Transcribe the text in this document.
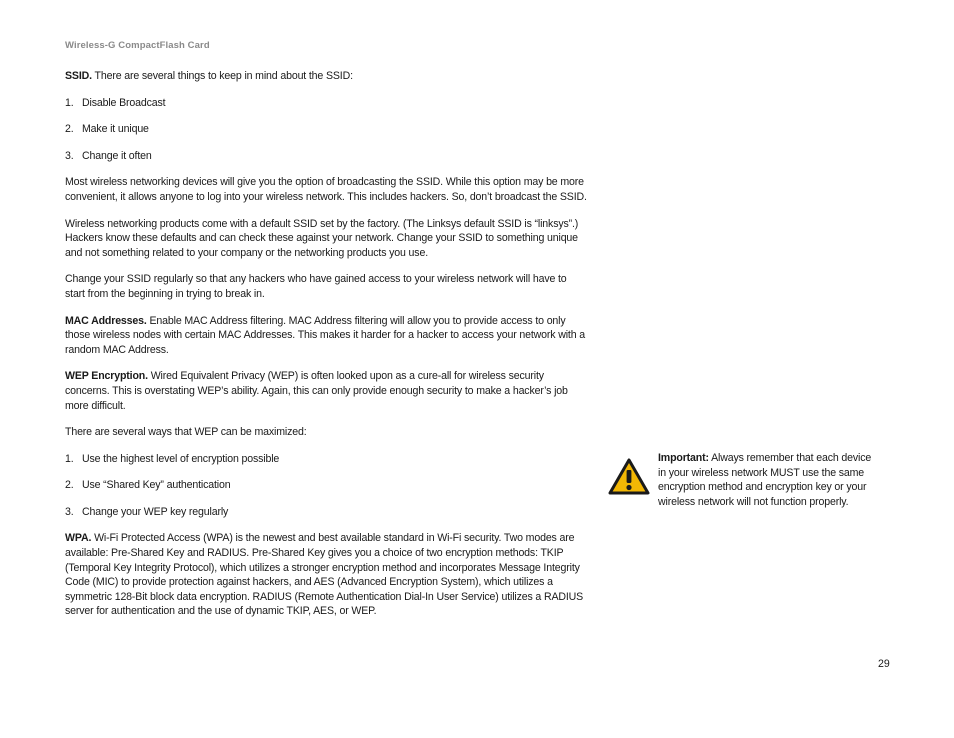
Wireless-G CompactFlash Card

SSID. There are several things to keep in mind about the SSID:

1. Disable Broadcast

2. Make it unique

3. Change it often

Most wireless networking devices will give you the option of broadcasting the SSID. While this option may be more convenient, it allows anyone to log into your wireless network. This includes hackers. So, don’t broadcast the SSID.

Wireless networking products come with a default SSID set by the factory. (The Linksys default SSID is “linksys”.) Hackers know these defaults and can check these against your network. Change your SSID to something unique and not something related to your company or the networking products you use.

Change your SSID regularly so that any hackers who have gained access to your wireless network will have to start from the beginning in trying to break in.

MAC Addresses. Enable MAC Address filtering. MAC Address filtering will allow you to provide access to only those wireless nodes with certain MAC Addresses. This makes it harder for a hacker to access your network with a random MAC Address.

WEP Encryption. Wired Equivalent Privacy (WEP) is often looked upon as a cure-all for wireless security concerns. This is overstating WEP’s ability. Again, this can only provide enough security to make a hacker’s job more difficult.

There are several ways that WEP can be maximized:

1. Use the highest level of encryption possible

2. Use “Shared Key” authentication

3. Change your WEP key regularly

WPA. Wi-Fi Protected Access (WPA) is the newest and best available standard in Wi-Fi security. Two modes are available: Pre-Shared Key and RADIUS. Pre-Shared Key gives you a choice of two encryption methods: TKIP (Temporal Key Integrity Protocol), which utilizes a stronger encryption method and incorporates Message Integrity Code (MIC) to provide protection against hackers, and AES (Advanced Encryption System), which utilizes a symmetric 128-Bit block data encryption. RADIUS (Remote Authentication Dial-In User Service) utilizes a RADIUS server for authentication and the use of dynamic TKIP, AES, or WEP.

Important: Always remember that each device in your wireless network MUST use the same encryption method and encryption key or your wireless network will not function properly.
29
